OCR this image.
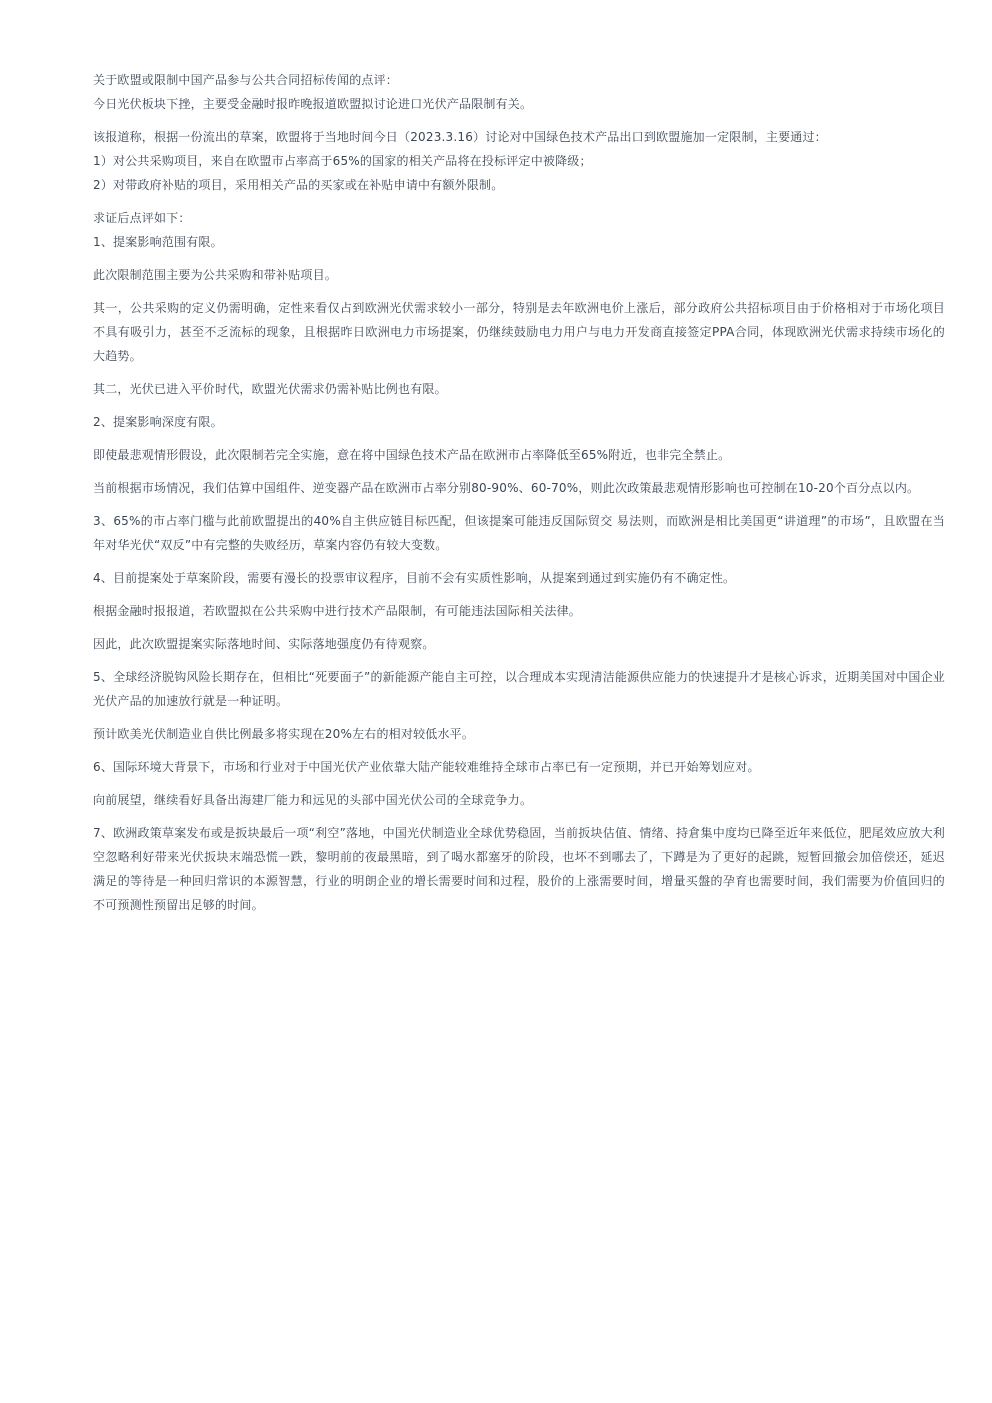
关于欧盟或限制中国产品参与公共合同招标传闻的点评：
今日光伏板块下挫，主要受金融时报昨晚报道欧盟拟讨论进口光伏产品限制有关。
该报道称，根据一份流出的草案，欧盟将于当地时间今日（2023.3.16）讨论对中国绿色技术产品出口到欧盟施加一定限制，主要通过：
1）对公共采购项目，来自在欧盟市占率高于65%的国家的相关产品将在投标评定中被降级；
2）对带政府补贴的项目，采用相关产品的买家或在补贴申请中有额外限制。
求证后点评如下：
1、提案影响范围有限。
此次限制范围主要为公共采购和带补贴项目。
其一，公共采购的定义仍需明确，定性来看仅占到欧洲光伏需求较小一部分，特别是去年欧洲电价上涨后，部分政府公共招标项目由于价格相对于市场化项目不具有吸引力，甚至不乏流标的现象，且根据昨日欧洲电力市场提案，仍继续鼓励电力用户与电力开发商直接签定PPA合同，体现欧洲光伏需求持续市场化的大趋势。
其二，光伏已进入平价时代，欧盟光伏需求仍需补贴比例也有限。
2、提案影响深度有限。
即使最悲观情形假设，此次限制若完全实施，意在将中国绿色技术产品在欧洲市占率降低至65%附近，也非完全禁止。
当前根据市场情况，我们估算中国组件、逆变器产品在欧洲市占率分别80-90%、60-70%，则此次政策最悲观情形影响也可控制在10-20个百分点以内。
3、65%的市占率门槛与此前欧盟提出的40%自主供应链目标匹配，但该提案可能违反国际贸交 易法则，而欧洲是相比美国更“讲道理”的市场”，且欧盟在当年对华光伏“双反”中有完整的失败经历，草案内容仍有较大变数。
4、目前提案处于草案阶段，需要有漫长的投票审议程序，目前不会有实质性影响，从提案到通过到实施仍有不确定性。
根据金融时报报道，若欧盟拟在公共采购中进行技术产品限制，有可能违法国际相关法律。
因此，此次欧盟提案实际落地时间、实际落地强度仍有待观察。
5、全球经济脱钩风险长期存在，但相比“死要面子”的新能源产能自主可控，以合理成本实现清洁能源供应能力的快速提升才是核心诉求，近期美国对中国企业光伏产品的加速放行就是一种证明。
预计欧美光伏制造业自供比例最多将实现在20%左右的相对较低水平。
6、国际环境大背景下，市场和行业对于中国光伏产业依靠大陆产能较难维持全球市占率已有一定预期，并已开始筹划应对。
向前展望，继续看好具备出海建厂能力和远见的头部中国光伏公司的全球竞争力。
7、欧洲政策草案发布或是扳块最后一项“利空”落地，中国光伏制造业全球优势稳固，当前扳块估值、情绪、持倉集中度均已降至近年来低位，肥尾效应放大利空忽略利好带来光伏扳块末端恐慌一跌，黎明前的夜最黑暗，到了喝水都塞牙的阶段，也坏不到哪去了，下蹲是为了更好的起跳，短暂回撤会加倍偿还，延迟满足的等待是一种回归常识的本源智慧，行业的明朗企业的增长需要时间和过程，股价的上涨需要时间，增量买盤的孕育也需要时间，我们需要为价值回归的不可预测性预留出足够的时间。
